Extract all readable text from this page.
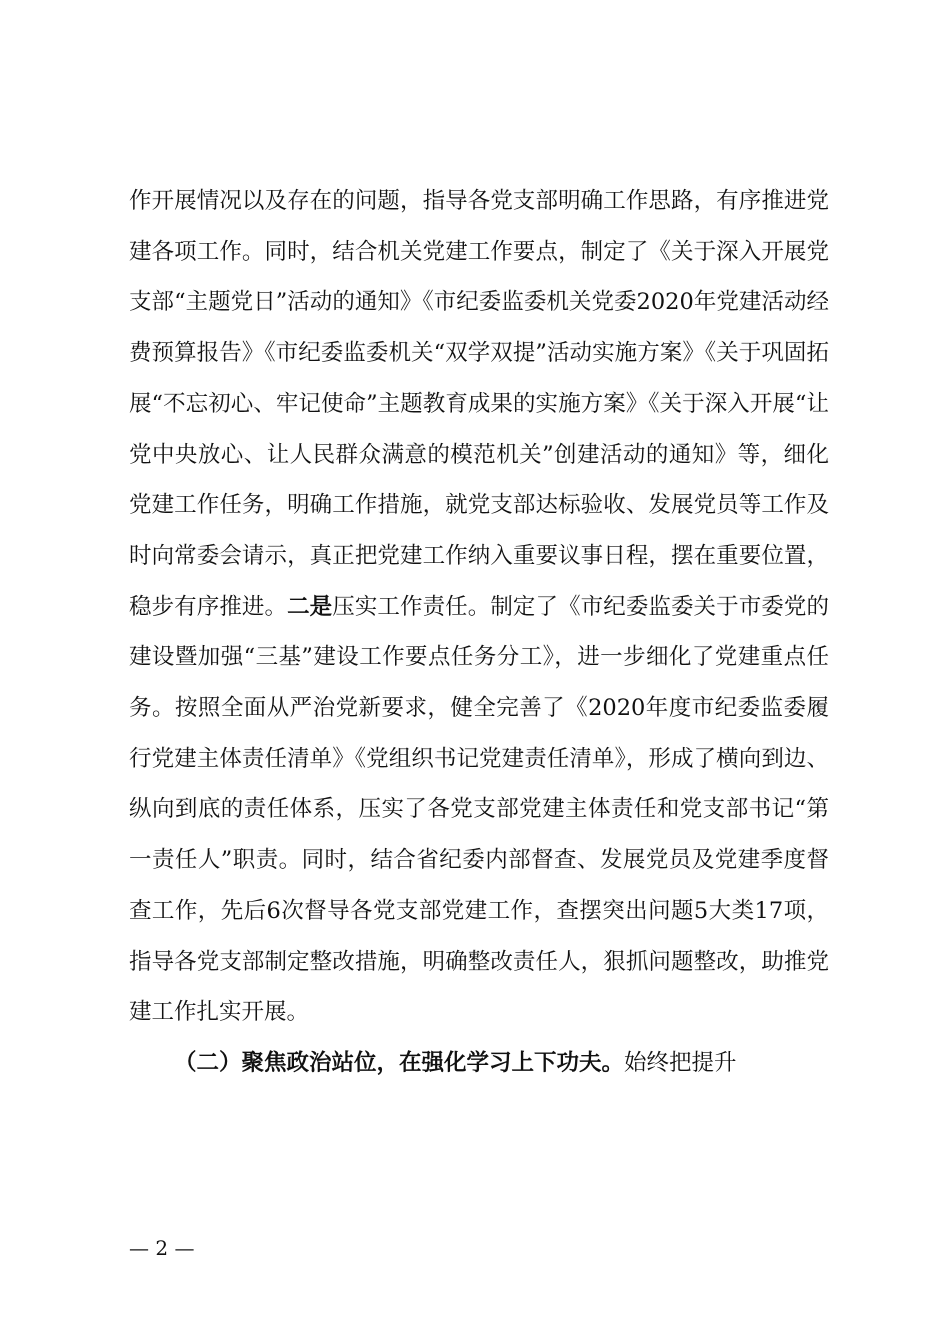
作开展情况以及存在的问题，指导各党支部明确工作思路，有序推进党建各项工作。同时，结合机关党建工作要点，制定了《关于深入开展党支部“主题党日”活动的通知》《市纪委监委机关党委2020年党建活动经费预算报告》《市纪委监委机关“双学双提”活动实施方案》《关于巩固拓展“不忘初心、牢记使命”主题教育成果的实施方案》《关于深入开展“让党中央放心、让人民群众满意的模范机关”创建活动的通知》等，细化党建工作任务，明确工作措施，就党支部达标验收、发展党员等工作及时向常委会请示，真正把党建工作纳入重要议事日程，摆在重要位置，稳步有序推进。二是压实工作责任。制定了《市纪委监委关于市委党的建设暨加强“三基”建设工作要点任务分工》，进一步细化了党建重点任务。按照全面从严治党新要求，健全完善了《2020年度市纪委监委履行党建主体责任清单》《党组织书记党建责任清单》，形成了横向到边、纵向到底的责任体系，压实了各党支部党建主体责任和党支部书记“第一责任人”职责。同时，结合省纪委内部督查、发展党员及党建季度督查工作，先后6次督导各党支部党建工作，查摆突出问题5大类17项，指导各党支部制定整改措施，明确整改责任人，狠抓问题整改，助推党建工作扎实开展。

（二）聚焦政治站位，在强化学习上下功夫。始终把提升

— 2 —
